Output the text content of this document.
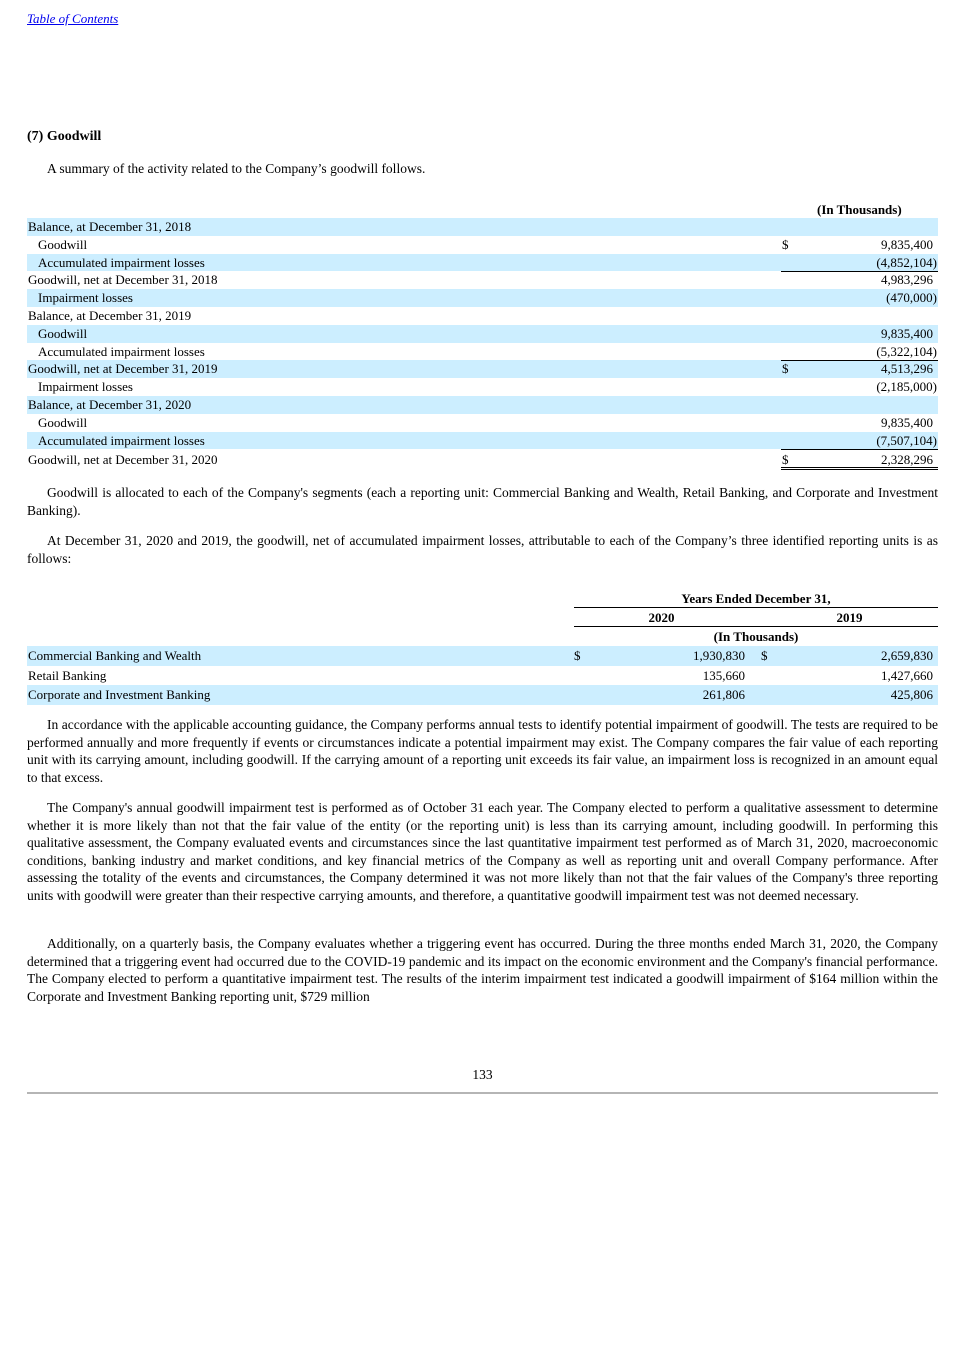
Table of Contents
(7) Goodwill

A summary of the activity related to the Company’s goodwill follows.

(In Thousands)
Balance, at December 31, 2018
Goodwill	$	9,835,400
Accumulated impairment losses	(4,852,104)
Goodwill, net at December 31, 2018	4,983,296
Impairment losses	(470,000)
Balance, at December 31, 2019
Goodwill	9,835,400
Accumulated impairment losses	(5,322,104)
Goodwill, net at December 31, 2019	$	4,513,296
Impairment losses	(2,185,000)
Balance, at December 31, 2020
Goodwill	9,835,400
Accumulated impairment losses	(7,507,104)
Goodwill, net at December 31, 2020	$	2,328,296

Goodwill is allocated to each of the Company's segments (each a reporting unit: Commercial Banking and Wealth, Retail Banking, and Corporate and Investment Banking).

At December 31, 2020 and 2019, the goodwill, net of accumulated impairment losses, attributable to each of the Company’s three identified reporting units is as follows:

Years Ended December 31,
2020	2019
(In Thousands)
Commercial Banking and Wealth	$	1,930,830 $	2,659,830
Retail Banking	135,660	1,427,660
Corporate and Investment Banking	261,806	425,806

In accordance with the applicable accounting guidance, the Company performs annual tests to identify potential impairment of goodwill. The tests are required to be performed annually and more frequently if events or circumstances indicate a potential impairment may exist. The Company compares the fair value of each reporting unit with its carrying amount, including goodwill. If the carrying amount of a reporting unit exceeds its fair value, an impairment loss is recognized in an amount equal to that excess.

The Company's annual goodwill impairment test is performed as of October 31 each year. The Company elected to perform a qualitative assessment to determine whether it is more likely than not that the fair value of the entity (or the reporting unit) is less than its carrying amount, including goodwill. In performing this qualitative assessment, the Company evaluated events and circumstances since the last quantitative impairment test performed as of March 31, 2020, macroeconomic conditions, banking industry and market conditions, and key financial metrics of the Company as well as reporting unit and overall Company performance. After assessing the totality of the events and circumstances, the Company determined it was not more likely than not that the fair values of the Company's three reporting units with goodwill were greater than their respective carrying amounts, and therefore, a quantitative goodwill impairment test was not deemed necessary.

Additionally, on a quarterly basis, the Company evaluates whether a triggering event has occurred. During the three months ended March 31, 2020, the Company determined that a triggering event had occurred due to the COVID-19 pandemic and its impact on the economic environment and the Company's financial performance. The Company elected to perform a quantitative impairment test. The results of the interim impairment test indicated a goodwill impairment of $164 million within the Corporate and Investment Banking reporting unit, $729 million

133
